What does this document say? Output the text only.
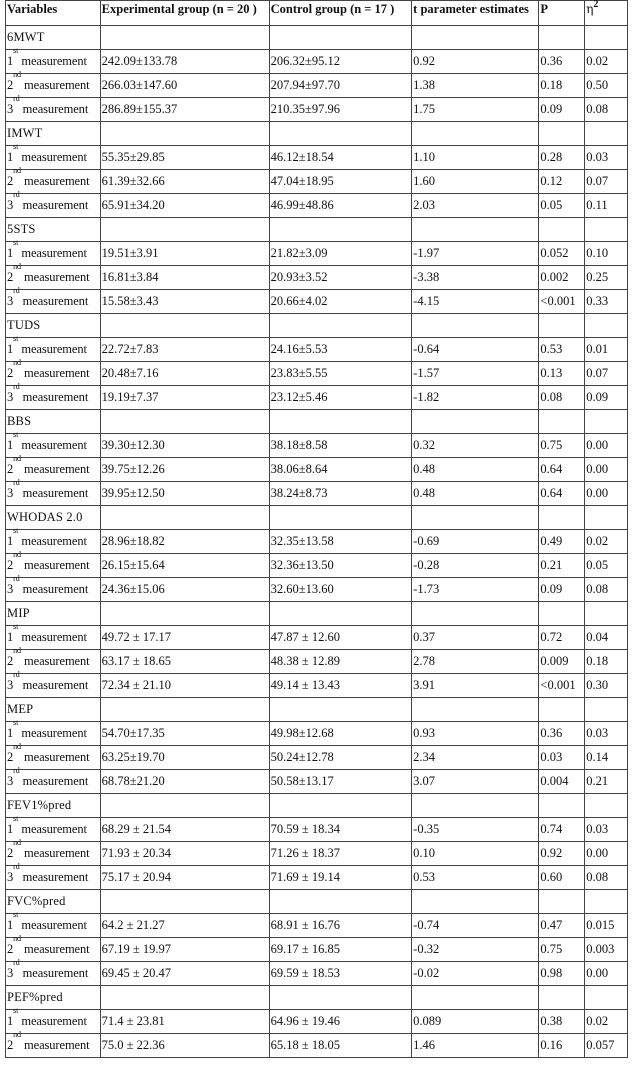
Variables	Experimental group (n = 20 )	Control group (n = 17 )	t parameter estimates	P	$\eta^2$
6MWT					
1st measurement	242.09±133.78	206.32±95.12	0.92	0.36	0.02
2nd measurement	266.03±147.60	207.94±97.70	1.38	0.18	0.50
3rd measurement	286.89±155.37	210.35±97.96	1.75	0.09	0.08
IMWT					
1st measurement	55.35±29.85	46.12±18.54	1.10	0.28	0.03
2nd measurement	61.39±32.66	47.04±18.95	1.60	0.12	0.07
3rd measurement	65.91±34.20	46.99±48.86	2.03	0.05	0.11
5STS					
1st measurement	19.51±3.91	21.82±3.09	-1.97	0.052	0.10
2nd measurement	16.81±3.84	20.93±3.52	-3.38	0.002	0.25
3rd measurement	15.58±3.43	20.66±4.02	-4.15	<0.001	0.33
TUDS					
1st measurement	22.72±7.83	24.16±5.53	-0.64	0.53	0.01
2nd measurement	20.48±7.16	23.83±5.55	-1.57	0.13	0.07
3rd measurement	19.19±7.37	23.12±5.46	-1.82	0.08	0.09
BBS					
1st measurement	39.30±12.30	38.18±8.58	0.32	0.75	0.00
2nd measurement	39.75±12.26	38.06±8.64	0.48	0.64	0.00
3rd measurement	39.95±12.50	38.24±8.73	0.48	0.64	0.00
WHODAS 2.0					
1st measurement	28.96±18.82	32.35±13.58	-0.69	0.49	0.02
2nd measurement	26.15±15.64	32.36±13.50	-0.28	0.21	0.05
3rd measurement	24.36±15.06	32.60±13.60	-1.73	0.09	0.08
MIP					
1st measurement	49.72 ± 17.17	47.87 ± 12.60	0.37	0.72	0.04
2nd measurement	63.17 ± 18.65	48.38 ± 12.89	2.78	0.009	0.18
3rd measurement	72.34 ± 21.10	49.14 ± 13.43	3.91	<0.001	0.30
MEP					
1st measurement	54.70±17.35	49.98±12.68	0.93	0.36	0.03
2nd measurement	63.25±19.70	50.24±12.78	2.34	0.03	0.14
3rd measurement	68.78±21.20	50.58±13.17	3.07	0.004	0.21
FEV1%pred					
1st measurement	68.29 ± 21.54	70.59 ± 18.34	-0.35	0.74	0.03
2nd measurement	71.93 ± 20.34	71.26 ± 18.37	0.10	0.92	0.00
3rd measurement	75.17 ± 20.94	71.69 ± 19.14	0.53	0.60	0.08
FVC%pred					
1st measurement	64.2 ± 21.27	68.91 ± 16.76	-0.74	0.47	0.015
2nd measurement	67.19 ± 19.97	69.17 ± 16.85	-0.32	0.75	0.003
3rd measurement	69.45 ± 20.47	69.59 ± 18.53	-0.02	0.98	0.00
PEF%pred					
1st measurement	71.4 ± 23.81	64.96 ± 19.46	0.089	0.38	0.02
2nd measurement	75.0 ± 22.36	65.18 ± 18.05	1.46	0.16	0.057
